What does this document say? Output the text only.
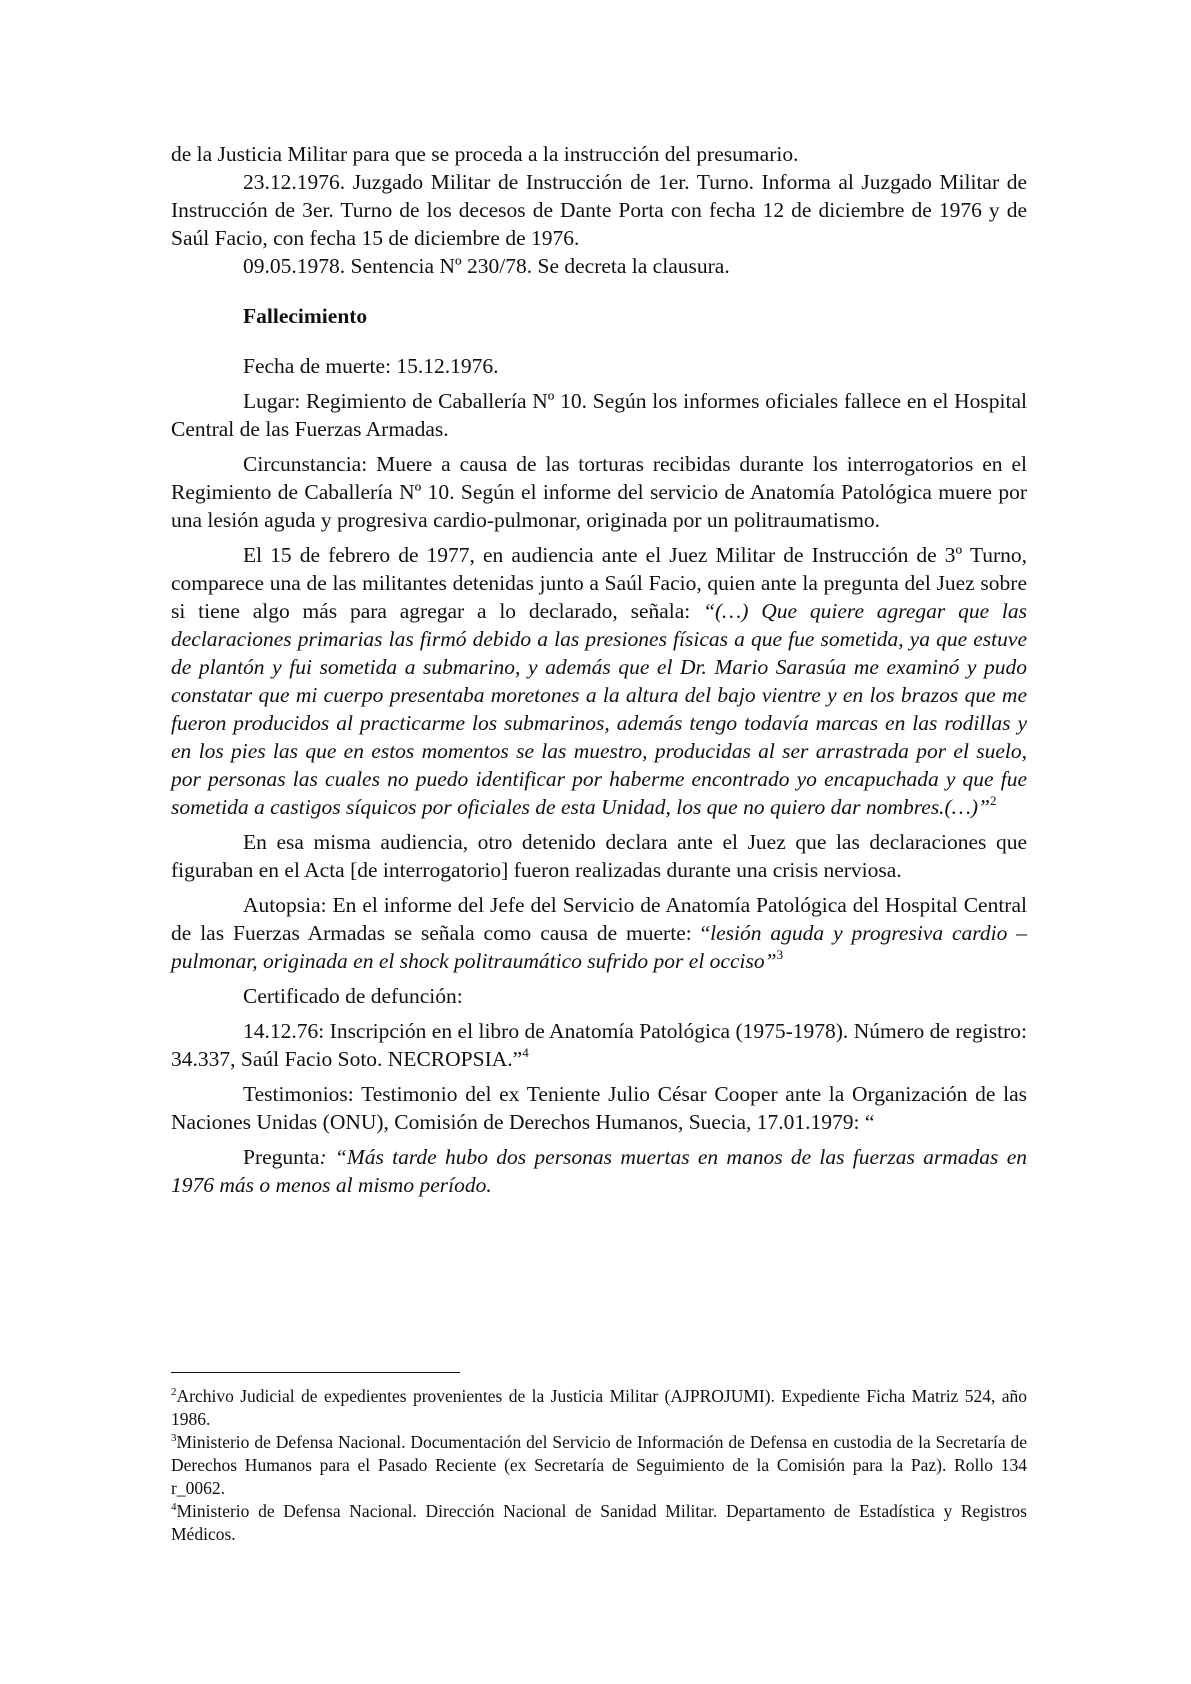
de la Justicia Militar para que se proceda a la instrucción del presumario.

23.12.1976. Juzgado Militar de Instrucción de 1er. Turno. Informa al Juzgado Militar de Instrucción de 3er. Turno de los decesos de Dante Porta con fecha 12 de diciembre de 1976 y de Saúl Facio, con fecha 15 de diciembre de 1976.

09.05.1978. Sentencia Nº 230/78. Se decreta la clausura.

Fallecimiento

Fecha de muerte: 15.12.1976.

Lugar: Regimiento de Caballería Nº 10. Según los informes oficiales fallece en el Hospital Central de las Fuerzas Armadas.

Circunstancia: Muere a causa de las torturas recibidas durante los interrogatorios en el Regimiento de Caballería Nº 10. Según el informe del servicio de Anatomía Patológica muere por una lesión aguda y progresiva cardio-pulmonar, originada por un politraumatismo.

El 15 de febrero de 1977, en audiencia ante el Juez Militar de Instrucción de 3º Turno, comparece una de las militantes detenidas junto a Saúl Facio, quien ante la pregunta del Juez sobre si tiene algo más para agregar a lo declarado, señala: “(…) Que quiere agregar que las declaraciones primarias las firmó debido a las presiones físicas a que fue sometida, ya que estuve de plantón y fui sometida a submarino, y además que el Dr. Mario Sarasúa me examinó y pudo constatar que mi cuerpo presentaba moretones a la altura del bajo vientre y en los brazos que me fueron producidos al practicarme los submarinos, además tengo todavía marcas en las rodillas y en los pies las que en estos momentos se las muestro, producidas al ser arrastrada por el suelo, por personas las cuales no puedo identificar por haberme encontrado yo encapuchada y que fue sometida a castigos síquicos por oficiales de esta Unidad, los que no quiero dar nombres.(…)”$^2$

En esa misma audiencia, otro detenido declara ante el Juez que las declaraciones que figuraban en el Acta [de interrogatorio] fueron realizadas durante una crisis nerviosa.

Autopsia: En el informe del Jefe del Servicio de Anatomía Patológica del Hospital Central de las Fuerzas Armadas se señala como causa de muerte: “lesión aguda y progresiva cardio –pulmonar, originada en el shock politraumático sufrido por el occiso”$^3$

Certificado de defunción:

14.12.76: Inscripción en el libro de Anatomía Patológica (1975-1978). Número de registro: 34.337, Saúl Facio Soto. NECROPSIA.”$^4$

Testimonios: Testimonio del ex Teniente Julio César Cooper ante la Organización de las Naciones Unidas (ONU), Comisión de Derechos Humanos, Suecia, 17.01.1979: “

Pregunta: “Más tarde hubo dos personas muertas en manos de las fuerzas armadas en 1976 más o menos al mismo período.

$^2$Archivo Judicial de expedientes provenientes de la Justicia Militar (AJPROJUMI). Expediente Ficha Matriz 524, año 1986.

$^3$Ministerio de Defensa Nacional. Documentación del Servicio de Información de Defensa en custodia de la Secretaría de Derechos Humanos para el Pasado Reciente (ex Secretaría de Seguimiento de la Comisión para la Paz). Rollo 134 r_0062.

$^4$Ministerio de Defensa Nacional. Dirección Nacional de Sanidad Militar. Departamento de Estadística y Registros Médicos.
